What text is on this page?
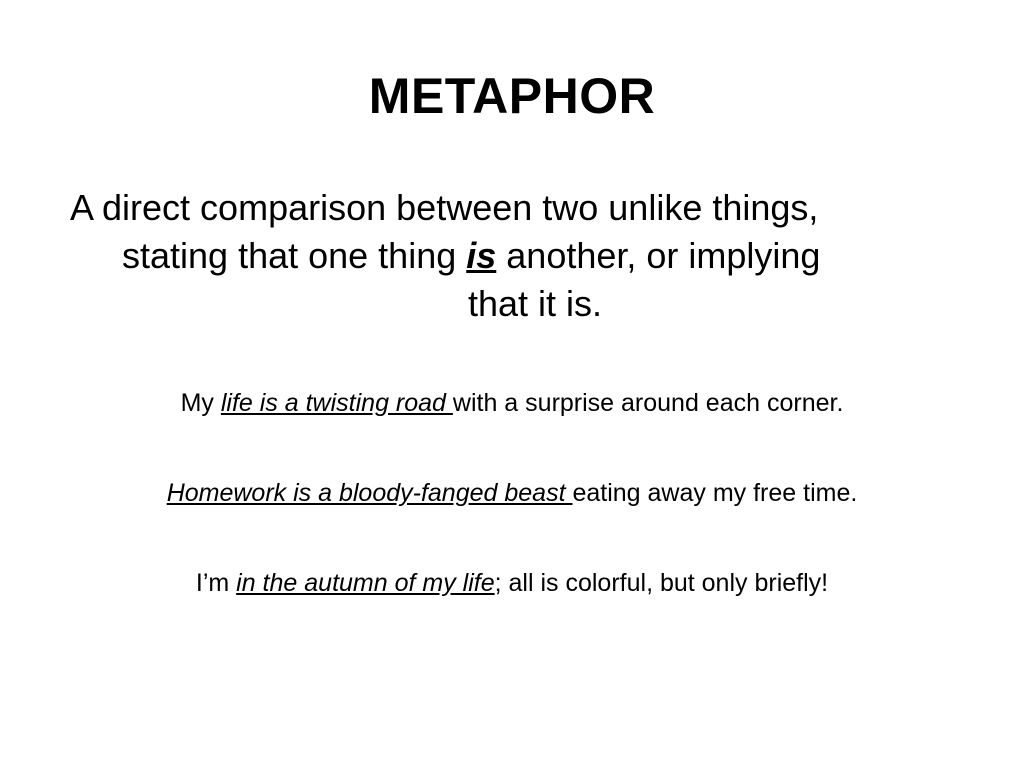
METAPHOR
A direct comparison between two unlike things,
stating that one thing is another, or implying
that it is.
My life is a twisting road with a surprise around each corner.
Homework is a bloody-fanged beast eating away my free time.
I’m in the autumn of my life; all is colorful, but only briefly!
